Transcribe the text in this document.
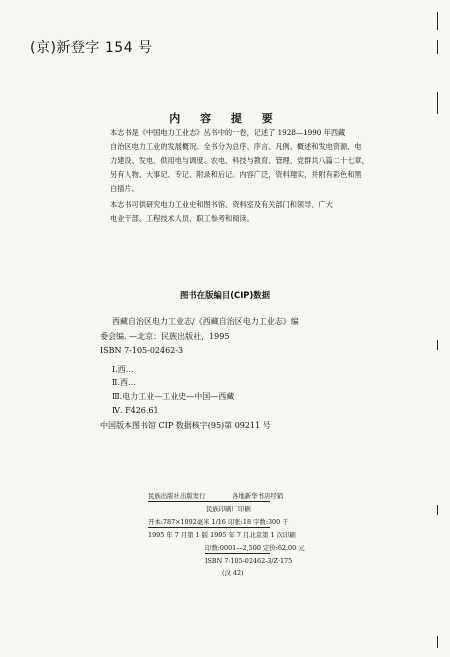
(京)新登字 154 号
内 容 提 要
本志书是《中国电力工业志》丛书中的一卷，记述了 1928—1990 年西藏
自治区电力工业的发展概况。全书分为总序、序言、凡例、概述和发电资源、电
力建设、发电、供用电与调度、农电、科技与教育、管理、党群共八篇二十七章，
另有人物、大事记、专记、附录和后记。内容广泛，资料翔实，并附有彩色和黑
白插片。
本志书可供研究电力工业史和图书馆、资料室及有关部门和领导、广大
电业干部、工程技术人员、职工参考和阅读。
图书在版编目(CIP)数据
西藏自治区电力工业志/《西藏自治区电力工业志》编
委会编. —北京：民族出版社，1995
ISBN 7-105-02462-3
Ⅰ.西…
Ⅱ.西…
Ⅲ.电力工业—工业史—中国—西藏
Ⅳ. F426.61
中国版本图书馆 CIP 数据核字(95)第 09211 号
民族出版社出版发行	各地新华书店经销
民族印刷厂印刷
开本:787×1092毫米 1/16 印张:18 字数:300 千
1995 年 7 月第 1 版 1995 年 7 月北京第 1 次印刷
印数:0001—2,500 定价:62.00 元
ISBN 7-105-02462-3/Z·175
(汉 42)
